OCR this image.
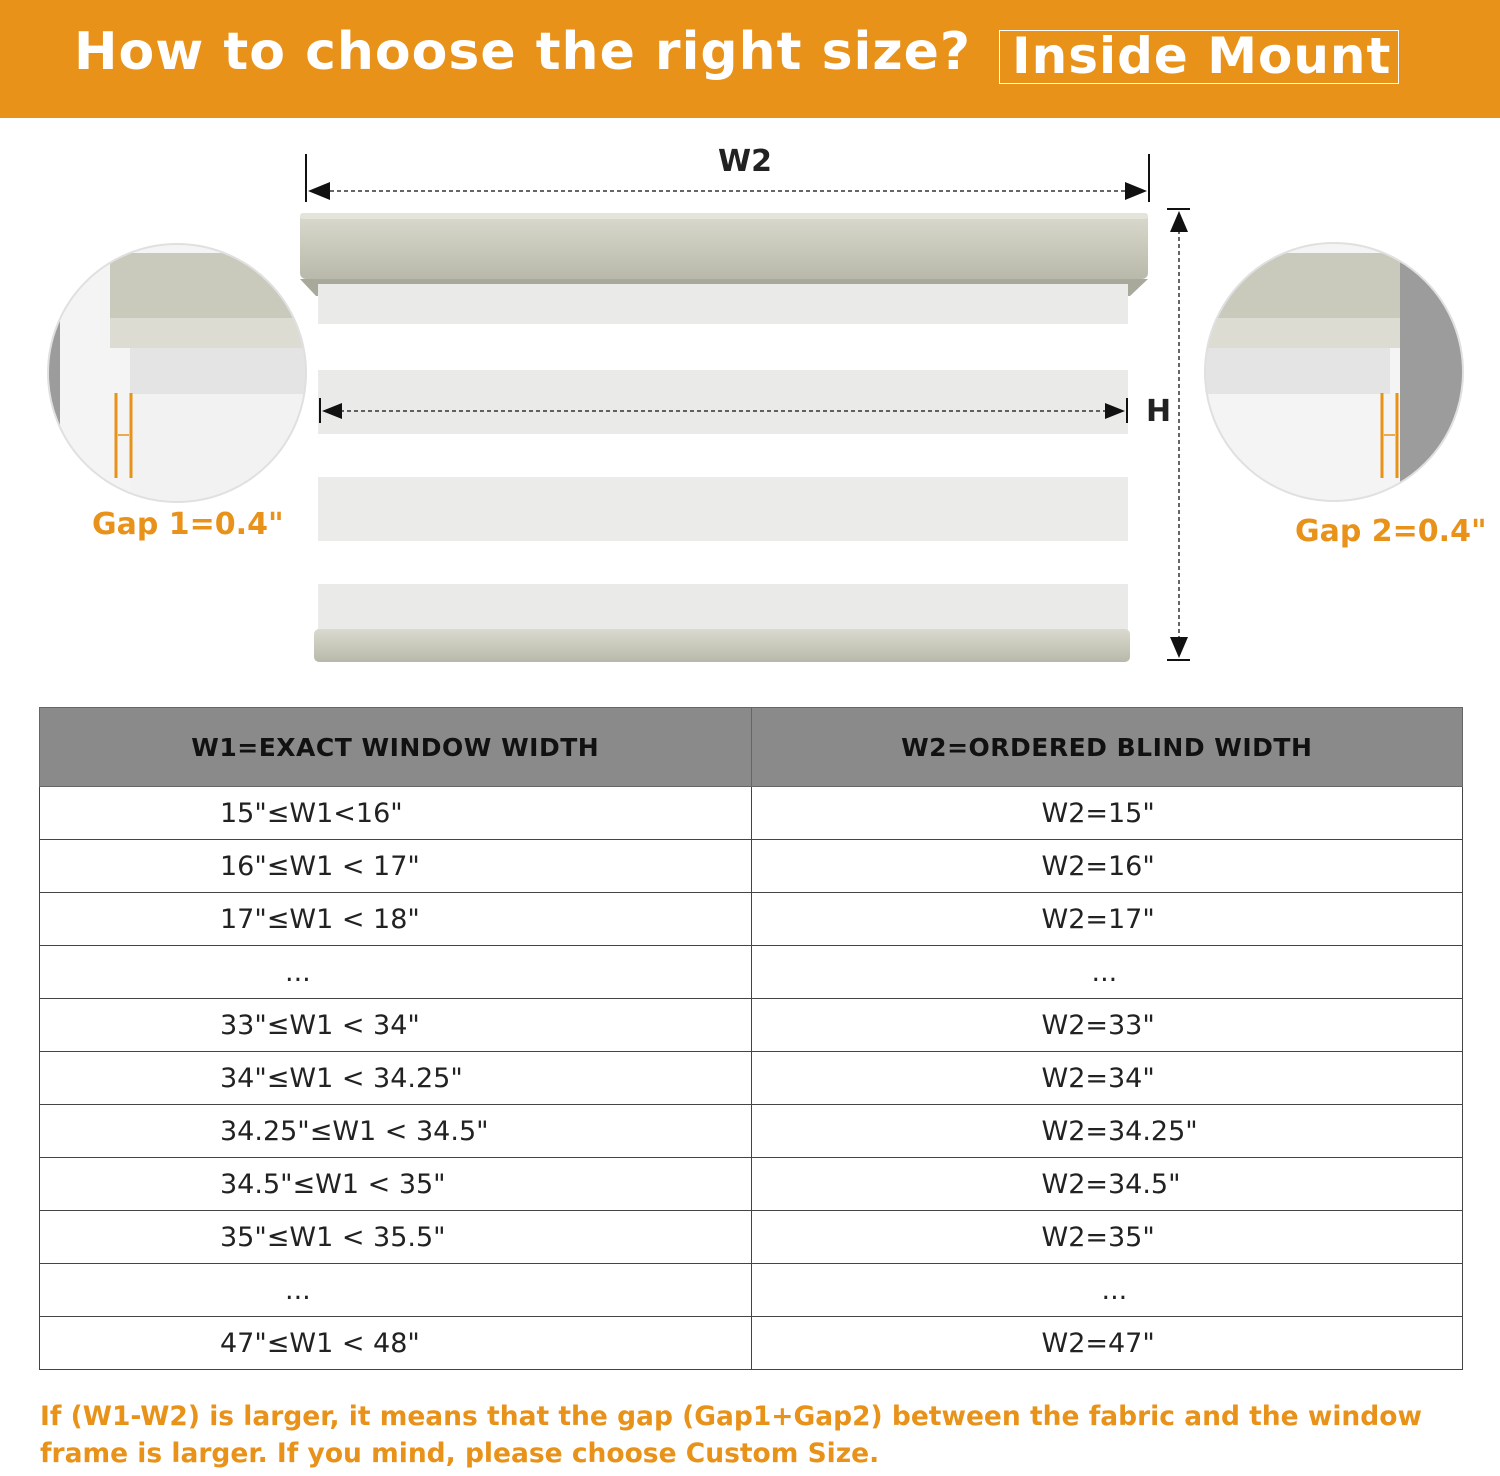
How to choose the right size? Inside Mount
W2
H
Gap 1=0.4"	Gap 2=0.4"
W1=EXACT WINDOW WIDTH	W2=ORDERED BLIND WIDTH
15"≤W1<16"	W2=15"
16"≤W1 < 17"	W2=16"
17"≤W1 < 18"	W2=17"
...	...
33"≤W1 < 34"	W2=33"
34"≤W1 < 34.25"	W2=34"
34.25"≤W1 < 34.5"	W2=34.25"
34.5"≤W1 < 35"	W2=34.5"
35"≤W1 < 35.5"	W2=35"
...	...
47"≤W1 < 48"	W2=47"
If (W1-W2) is larger, it means that the gap (Gap1+Gap2) between the fabric and the window frame is larger. If you mind, please choose Custom Size.
